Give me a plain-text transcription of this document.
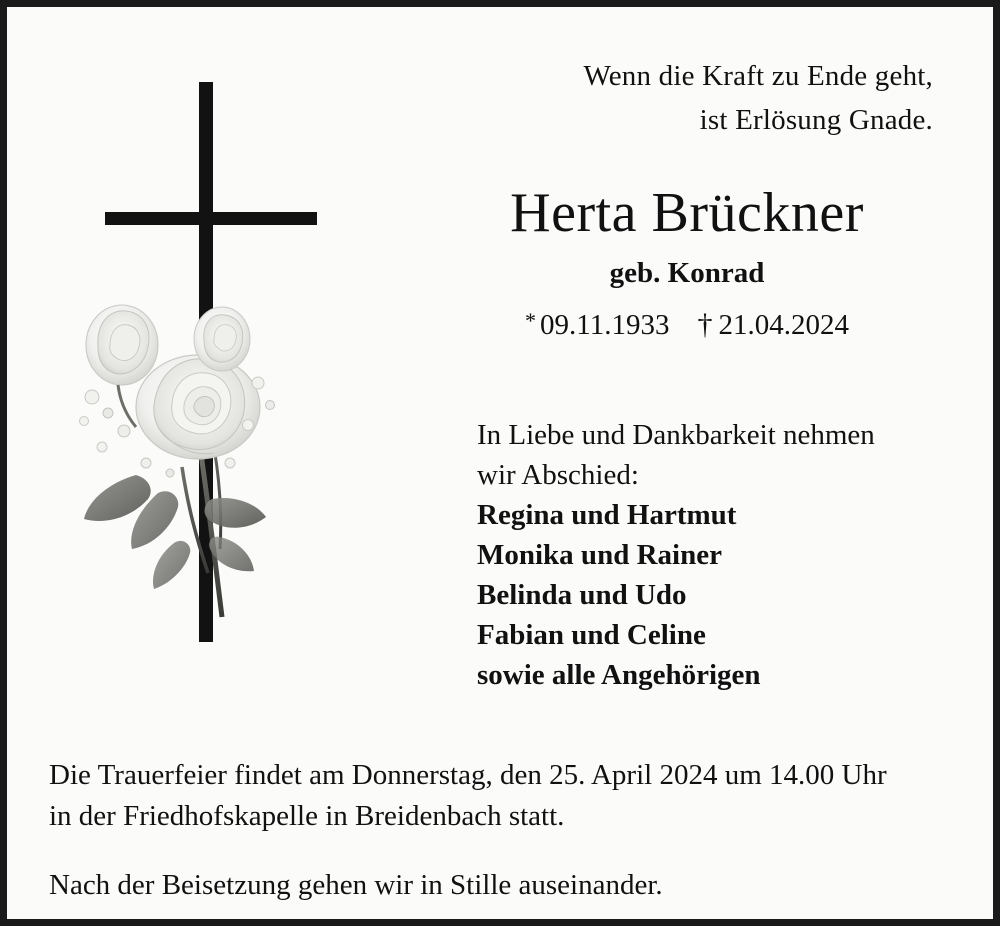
Wenn die Kraft zu Ende geht,
ist Erlösung Gnade.
Herta Brückner
geb. Konrad
* 09.11.1933 † 21.04.2024
In Liebe und Dankbarkeit nehmen
wir Abschied:
Regina und Hartmut
Monika und Rainer
Belinda und Udo
Fabian und Celine
sowie alle Angehörigen
Die Trauerfeier findet am Donnerstag, den 25. April 2024 um 14.00 Uhr
in der Friedhofskapelle in Breidenbach statt.
Nach der Beisetzung gehen wir in Stille auseinander.
